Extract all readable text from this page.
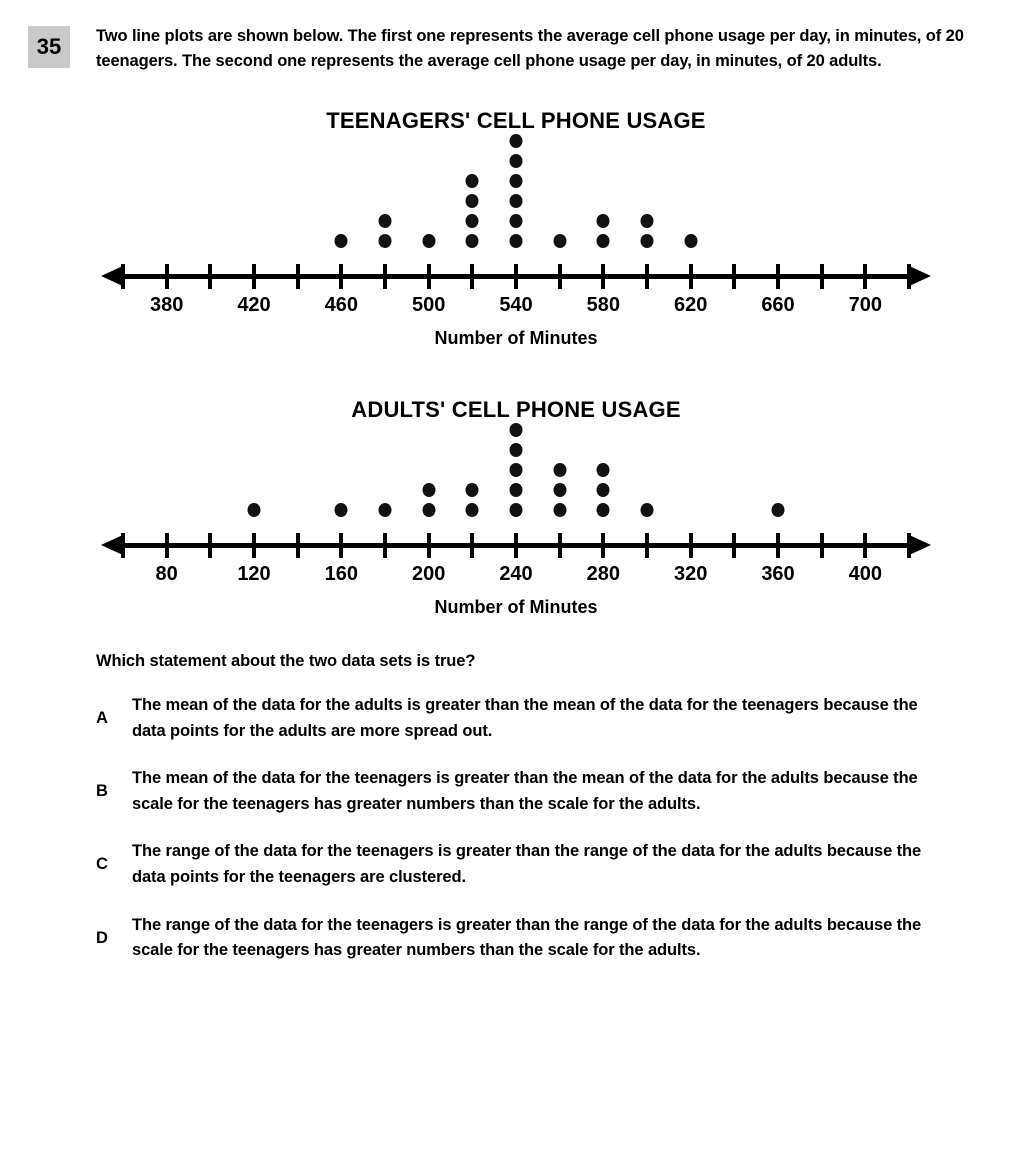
35	Two line plots are shown below. The first one represents the average cell phone usage per day, in minutes, of 20 teenagers. The second one represents the average cell phone usage per day, in minutes, of 20 adults.
TEENAGERS' CELL PHONE USAGE
380	420	460	500	540	580	620	660	700
Number of Minutes
ADULTS' CELL PHONE USAGE
80	120	160	200	240	280	320	360	400
Number of Minutes
Which statement about the two data sets is true?
A
The mean of the data for the adults is greater than the mean of the data for the teenagers because the data points for the adults are more spread out.
B
The mean of the data for the teenagers is greater than the mean of the data for the adults because the scale for the teenagers has greater numbers than the scale for the adults.
C
The range of the data for the teenagers is greater than the range of the data for the adults because the data points for the teenagers are clustered.
D
The range of the data for the teenagers is greater than the range of the data for the adults because the scale for the teenagers has greater numbers than the scale for the adults.
